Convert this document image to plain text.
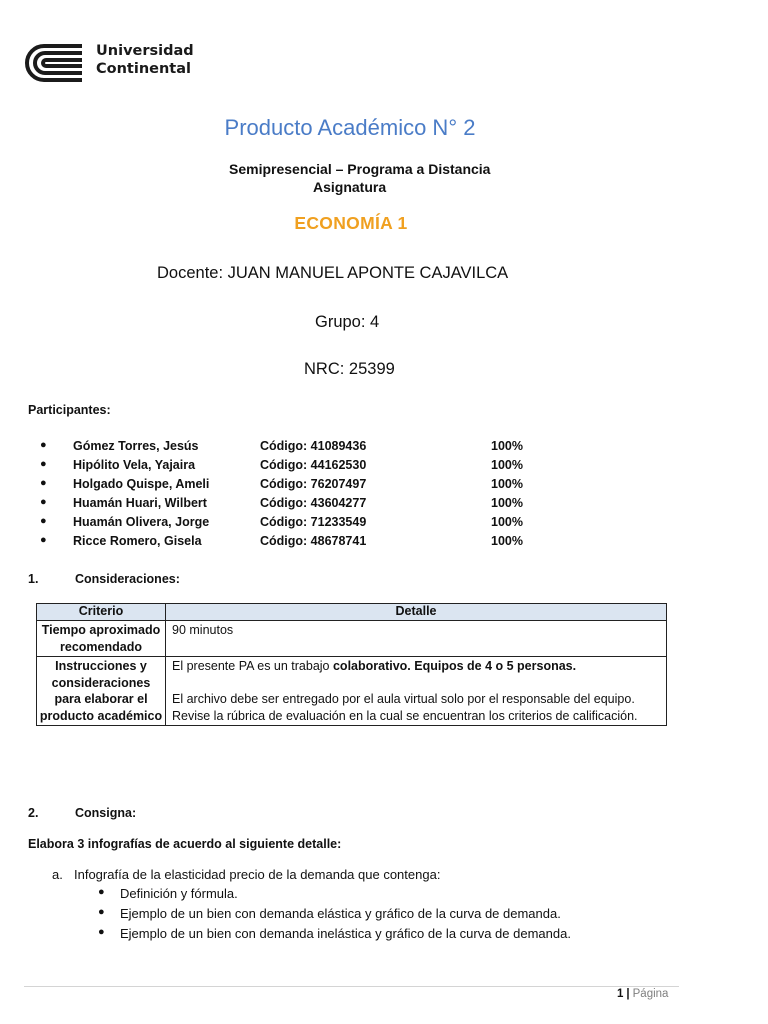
Universidad
Continental
Producto Académico N° 2
Semipresencial – Programa a Distancia
Asignatura
ECONOMÍA 1
Docente: JUAN MANUEL APONTE CAJAVILCA
Grupo: 4
NRC: 25399
Participantes:
● Gómez Torres, Jesús	Código: 41089436	100%
● Hipólito Vela, Yajaira	Código: 44162530	100%
● Holgado Quispe, Ameli	Código: 76207497	100%
● Huamán Huari, Wilbert	Código: 43604277	100%
● Huamán Olivera, Jorge	Código: 71233549	100%
● Ricce Romero, Gisela	Código: 48678741	100%
1.	Consideraciones:
Criterio	Detalle
Tiempo aproximado recomendado	90 minutos
Instrucciones y consideraciones para elaborar el producto académico	El presente PA es un trabajo colaborativo. Equipos de 4 o 5 personas.
El archivo debe ser entregado por el aula virtual solo por el responsable del equipo.
Revise la rúbrica de evaluación en la cual se encuentran los criterios de calificación.
2.	Consigna:
Elabora 3 infografías de acuerdo al siguiente detalle:
a. Infografía de la elasticidad precio de la demanda que contenga:
● Definición y fórmula.
● Ejemplo de un bien con demanda elástica y gráfico de la curva de demanda.
● Ejemplo de un bien con demanda inelástica y gráfico de la curva de demanda.
1 | Página
